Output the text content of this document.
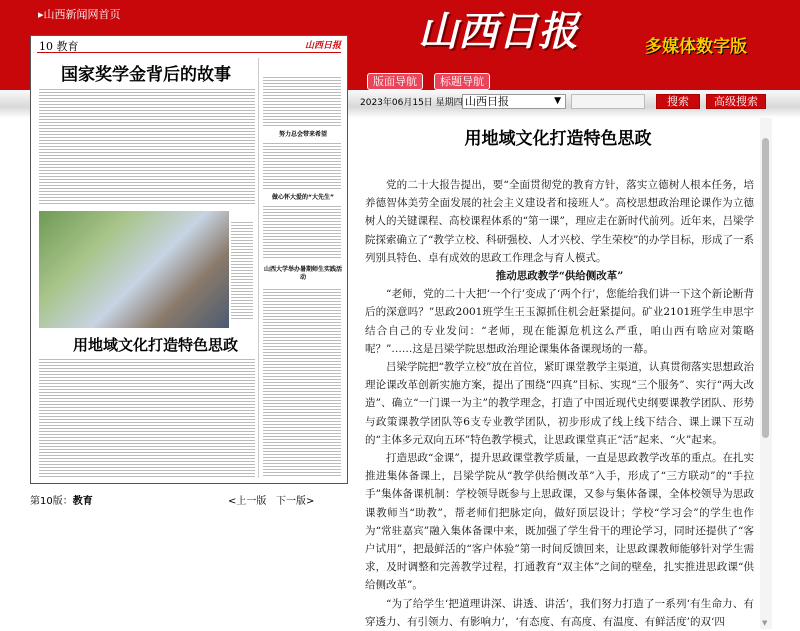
▸山西新闻网首页	山西日报	多媒体数字版
版面导航	标题导航
2023年06月15日 星期四 山西日报	▼	搜索	高级搜索
10 教育	山西日报
国家奖学金背后的故事
用地域文化打造特色思政
努力总会带来希望
做心怀大爱的“大先生”
山西大学举办暑期师生实践活动
第10版：教育	<上一版 下一版>
用地域文化打造特色思政

党的二十大报告提出，要“全面贯彻党的教育方针，落实立德树人根本任务，培养德智体美劳全面发展的社会主义建设者和接班人”。高校思想政治理论课作为立德树人的关键课程、高校课程体系的“第一课”，理应走在新时代前列。近年来，吕梁学院探索确立了“教学立校、科研强校、人才兴校、学生荣校”的办学目标，形成了一系列别具特色、卓有成效的思政工作理念与育人模式。

推动思政教学“供给侧改革”

“老师，党的二十大把‘一个行’变成了‘两个行’，您能给我们讲一下这个新论断背后的深意吗？”思政2001班学生王玉源抓住机会赶紧提问。矿业2101班学生申思宇结合自己的专业发问：“老师，现在能源危机这么严重，咱山西有啥应对策略呢？”……这是吕梁学院思想政治理论课集体备课现场的一幕。

吕梁学院把“教学立校”放在首位，紧盯课堂教学主渠道，认真贯彻落实思想政治理论课改革创新实施方案，提出了围绕“四真”目标、实现“三个服务”、实行“两大改造”、确立“一门课一为主”的教学理念，打造了中国近现代史纲要课教学团队、形势与政策课教学团队等6支专业教学团队，初步形成了线上线下结合、课上课下互动的“主体多元双向五环”特色教学模式，让思政课堂真正“活”起来、“火”起来。

打造思政“金课”，提升思政课堂教学质量，一直是思政教学改革的重点。在扎实推进集体备课上，吕梁学院从“教学供给侧改革”入手，形成了“三方联动”的“手拉手”集体备课机制：学校领导既参与上思政课，又参与集体备课，全体校领导为思政课教师当“助教”，帮老师们把脉定向，做好顶层设计；学校“学习会”的学生也作为“常驻嘉宾”融入集体备课中来，既加强了学生骨干的理论学习，同时还提供了“客户试用”，把最鲜活的“客户体验”第一时间反馈回来，让思政课教师能够针对学生需求，及时调整和完善教学过程，打通教育“双主体”之间的壁垒，扎实推进思政课“供给侧改革”。

“为了给学生‘把道理讲深、讲透、讲活’，我们努力打造了一系列‘有生命力、有穿透力、有引领力、有影响力’，‘有态度、有高度、有温度、有鲜活度’的双‘四	▼
